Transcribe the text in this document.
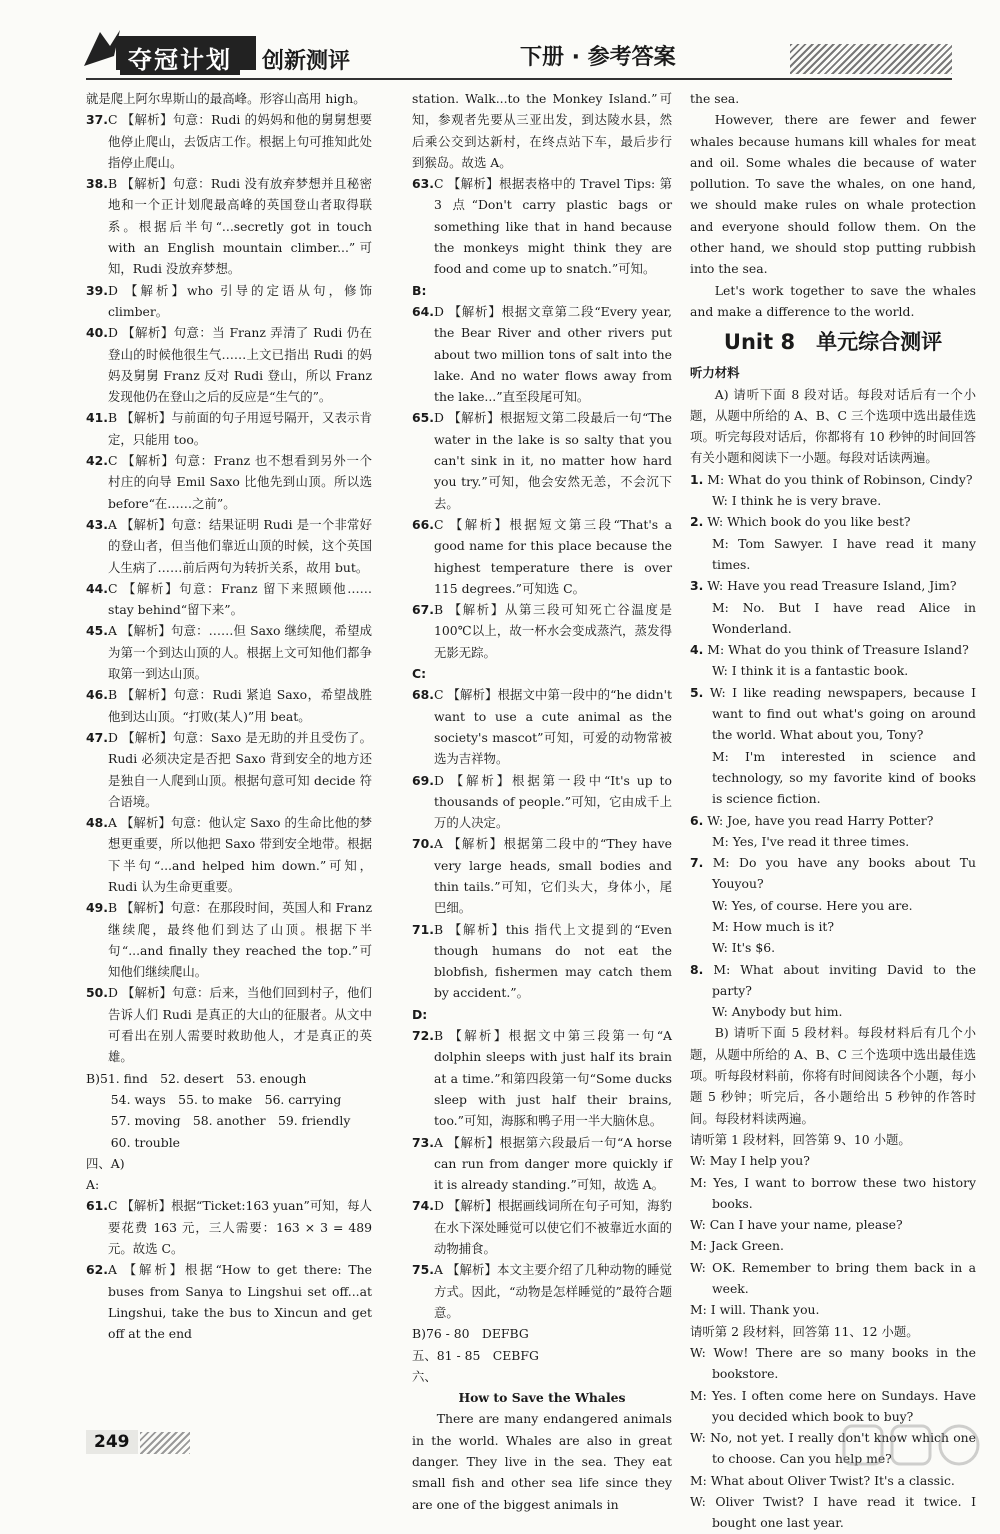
夺冠计划	创新测评	下册 · 参考答案

就是爬上阿尔卑斯山的最高峰。形容山高用 high。

37.C 【解析】句意：Rudi 的妈妈和他的舅舅想要他停止爬山，去饭店工作。根据上句可推知此处指停止爬山。

38.B 【解析】句意：Rudi 没有放弃梦想并且秘密地和一个正计划爬最高峰的英国登山者取得联系。根据后半句“...secretly got in touch with an English mountain climber...”可知，Rudi 没放弃梦想。

39.D 【解析】who 引导的定语从句，修饰 climber。

40.D 【解析】句意：当 Franz 弄清了 Rudi 仍在登山的时候他很生气……上文已指出 Rudi 的妈妈及舅舅 Franz 反对 Rudi 登山，所以 Franz 发现他仍在登山之后的反应是“生气的”。

41.B 【解析】与前面的句子用逗号隔开，又表示肯定，只能用 too。

42.C 【解析】句意：Franz 也不想看到另外一个村庄的向导 Emil Saxo 比他先到山顶。所以选 before“在……之前”。

43.A 【解析】句意：结果证明 Rudi 是一个非常好的登山者，但当他们靠近山顶的时候，这个英国人生病了……前后两句为转折关系，故用 but。

44.C 【解析】句意：Franz 留下来照顾他…… stay behind“留下来”。

45.A 【解析】句意：……但 Saxo 继续爬，希望成为第一个到达山顶的人。根据上文可知他们都争取第一到达山顶。

46.B 【解析】句意：Rudi 紧追 Saxo，希望战胜他到达山顶。“打败(某人)”用 beat。

47.D 【解析】句意：Saxo 是无助的并且受伤了。Rudi 必须决定是否把 Saxo 背到安全的地方还是独自一人爬到山顶。根据句意可知 decide 符合语境。

48.A 【解析】句意：他认定 Saxo 的生命比他的梦想更重要，所以他把 Saxo 带到安全地带。根据下半句“...and helped him down.”可知，Rudi 认为生命更重要。

49.B 【解析】句意：在那段时间，英国人和 Franz 继续爬，最终他们到达了山顶。根据下半句“...and finally they reached the top.”可知他们继续爬山。

50.D 【解析】句意：后来，当他们回到村子，他们告诉人们 Rudi 是真正的大山的征服者。从文中可看出在别人需要时救助他人，才是真正的英雄。

B)51. find　52. desert　53. enough

54. ways　55. to make　56. carrying

57. moving　58. another　59. friendly

60. trouble

四、A)

A:

61.C 【解析】根据“Ticket:163 yuan”可知，每人要花费 163 元，三人需要：163 × 3 = 489 元。故选 C。

62.A 【解析】根据“How to get there: The buses from Sanya to Lingshui set off...at Lingshui, take the bus to Xincun and get off at the end

station. Walk...to the Monkey Island.”可知，参观者先要从三亚出发，到达陵水县，然后乘公交到达新村，在终点站下车，最后步行到猴岛。故选 A。

63.C 【解析】根据表格中的 Travel Tips: 第 3 点“Don't carry plastic bags or something like that in hand because the monkeys might think they are food and come up to snatch.”可知。

B:

64.D 【解析】根据文章第二段“Every year, the Bear River and other rivers put about two million tons of salt into the lake. And no water flows away from the lake...”直至段尾可知。

65.D 【解析】根据短文第二段最后一句“The water in the lake is so salty that you can't sink in it, no matter how hard you try.”可知，他会安然无恙，不会沉下去。

66.C 【解析】根据短文第三段“That's a good name for this place because the highest temperature there is over 115 degrees.”可知选 C。

67.B 【解析】从第三段可知死亡谷温度是 100℃以上，故一杯水会变成蒸汽，蒸发得无影无踪。

C:

68.C 【解析】根据文中第一段中的“he didn't want to use a cute animal as the society's mascot”可知，可爱的动物常被选为吉祥物。

69.D 【解析】根据第一段中“It's up to thousands of people.”可知，它由成千上万的人决定。

70.A 【解析】根据第二段中的“They have very large heads, small bodies and thin tails.”可知，它们头大，身体小，尾巴细。

71.B 【解析】this 指代上文提到的“Even though humans do not eat the blobfish, fishermen may catch them by accident.”。

D:

72.B 【解析】根据文中第三段第一句“A dolphin sleeps with just half its brain at a time.”和第四段第一句“Some ducks sleep with just half their brains, too.”可知，海豚和鸭子用一半大脑休息。

73.A 【解析】根据第六段最后一句“A horse can run from danger more quickly if it is already standing.”可知，故选 A。

74.D 【解析】根据画线词所在句子可知，海豹在水下深处睡觉可以使它们不被靠近水面的动物捕食。

75.A 【解析】本文主要介绍了几种动物的睡觉方式。因此，“动物是怎样睡觉的”最符合题意。

B)76 - 80　DEFBG

五、81 - 85　CEBFG

六、

How to Save the Whales

There are many endangered animals in the world. Whales are also in great danger. They live in the sea. They eat small fish and other sea life since they are one of the biggest animals in

the sea.

However, there are fewer and fewer whales because humans kill whales for meat and oil. Some whales die because of water pollution. To save the whales, on one hand, we should make rules on whale protection and everyone should follow them. On the other hand, we should stop putting rubbish into the sea.

Let's work together to save the whales and make a difference to the world.

Unit 8　单元综合测评

听力材料

A) 请听下面 8 段对话。每段对话后有一个小题，从题中所给的 A、B、C 三个选项中选出最佳选项。听完每段对话后，你都将有 10 秒钟的时间回答有关小题和阅读下一小题。每段对话读两遍。

1. M: What do you think of Robinson, Cindy?

W: I think he is very brave.

2. W: Which book do you like best?

M: Tom Sawyer. I have read it many times.

3. W: Have you read Treasure Island, Jim?

M: No. But I have read Alice in Wonderland.

4. M: What do you think of Treasure Island?

W: I think it is a fantastic book.

5. W: I like reading newspapers, because I want to find out what's going on around the world. What about you, Tony?

M: I'm interested in science and technology, so my favorite kind of books is science fiction.

6. W: Joe, have you read Harry Potter?

M: Yes, I've read it three times.

7. M: Do you have any books about Tu Youyou?

W: Yes, of course. Here you are.

M: How much is it?

W: It's $6.

8. M: What about inviting David to the party?

W: Anybody but him.

B) 请听下面 5 段材料。每段材料后有几个小题，从题中所给的 A、B、C 三个选项中选出最佳选项。听每段材料前，你将有时间阅读各个小题，每小题 5 秒钟；听完后，各小题给出 5 秒钟的作答时间。每段材料读两遍。

请听第 1 段材料，回答第 9、10 小题。

W: May I help you?

M: Yes, I want to borrow these two history books.

W: Can I have your name, please?

M: Jack Green.

W: OK. Remember to bring them back in a week.

M: I will. Thank you.

请听第 2 段材料，回答第 11、12 小题。

W: Wow! There are so many books in the bookstore.

M: Yes. I often come here on Sundays. Have you decided which book to buy?

W: No, not yet. I really don't know which one to choose. Can you help me?

M: What about Oliver Twist? It's a classic.

W: Oliver Twist? I have read it twice. I bought one last year.

249
